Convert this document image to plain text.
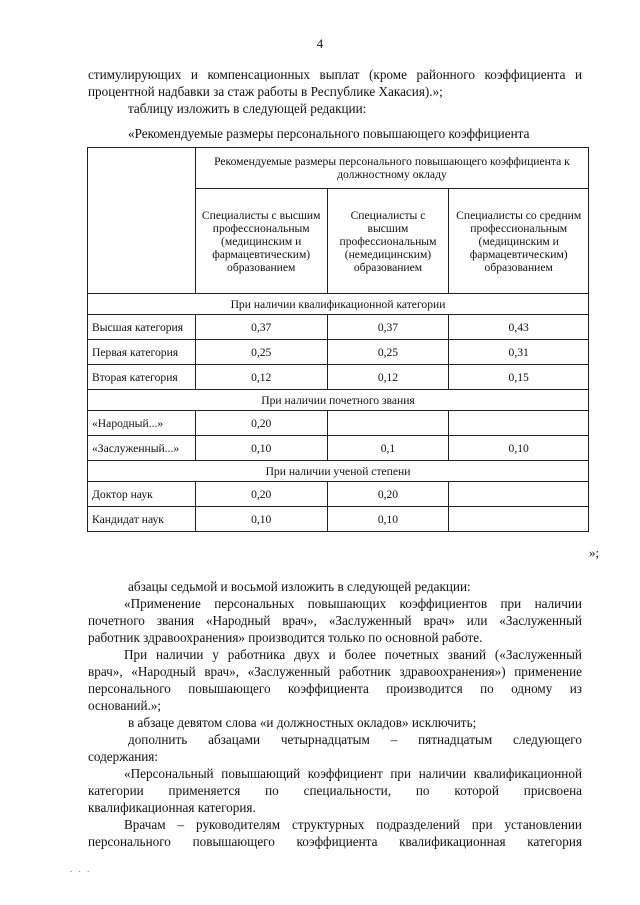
4

стимулирующих и компенсационных выплат (кроме районного коэффициента и

процентной надбавки за стаж работы в Республике Хакасия).»;

таблицу изложить в следующей редакции:

«Рекомендуемые размеры персонального повышающего коэффициента

	Рекомендуемые размеры персонального повышающего коэффициента к должностному окладу		
	Специалисты с высшим профессиональным (медицинским и фармацевтическим) образованием	Специалисты с высшим профессиональным (немедицинским) образованием	Специалисты со средним профессиональным (медицинским и фармацевтическим) образованием
При наличии квалификационной категории			
Высшая категория	0,37	0,37	0,43
Первая категория	0,25	0,25	0,31
Вторая категория	0,12	0,12	0,15
При наличии почетного звания			
«Народный...»	0,20		
«Заслуженный...»	0,10	0,1	0,10
При наличии ученой степени			
Доктор наук	0,20	0,20	
Кандидат наук	0,10	0,10	
»;

абзацы седьмой и восьмой изложить в следующей редакции:

«Применение персональных повышающих коэффициентов при наличии

почетного звания «Народный врач», «Заслуженный врач» или «Заслуженный

работник здравоохранения» производится только по основной работе.

При наличии у работника двух и более почетных званий («Заслуженный

врач», «Народный врач», «Заслуженный работник здравоохранения») применение

персонального повышающего коэффициента производится по одному из

оснований.»;

в абзаце девятом слова «и должностных окладов» исключить;

дополнить абзацами четырнадцатым – пятнадцатым следующего

содержания:

«Персональный повышающий коэффициент при наличии квалификационной

категории применяется по специальности, по которой присвоена

квалификационная категория.

Врачам – руководителям структурных подразделений при установлении

персонального повышающего коэффициента квалификационная категория

. . .
